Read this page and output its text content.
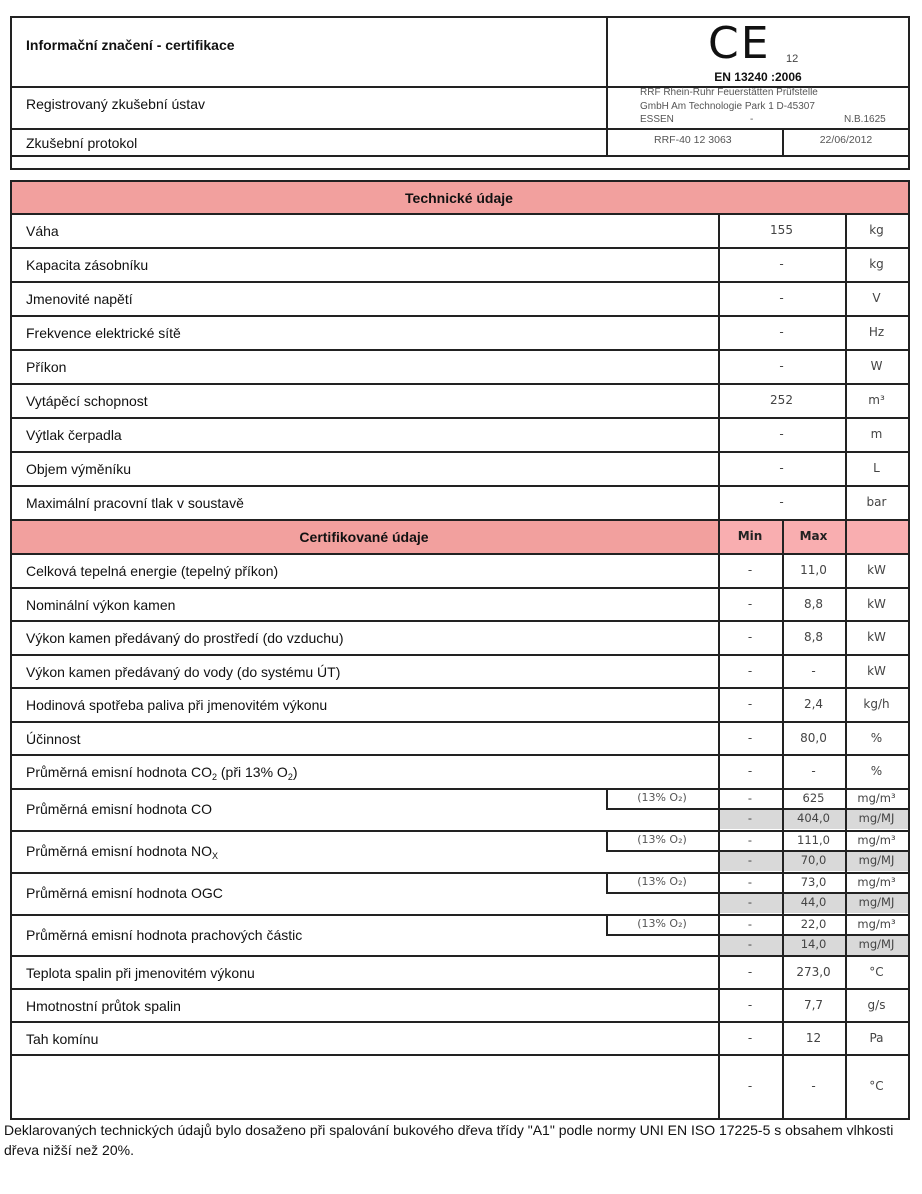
Informační značení - certifikace	CE 12
EN 13240 :2006
Registrovaný zkušební ústav
RRF Rhein-Ruhr Feuerstätten Prüfstelle
GmbH Am Technologie Park 1 D-45307
ESSEN	-	N.B.1625
Zkušební protokol	RRF-40 12 3063	22/06/2012
Technické údaje
Váha	155	kg
Kapacita zásobníku	-	kg
Jmenovité napětí	-	V
Frekvence elektrické sítě	-	Hz
Příkon	-	W
Vytápěcí schopnost	252	m³
Výtlak čerpadla	-	m
Objem výměníku	-	L
Maximální pracovní tlak v soustavě	-	bar
Certifikované údaje	Min	Max
Celková tepelná energie (tepelný příkon)	-	11,0	kW
Nominální výkon kamen	-	8,8	kW
Výkon kamen předávaný do prostředí (do vzduchu)	-	8,8	kW
Výkon kamen předávaný do vody (do systému ÚT)	-	-	kW
Hodinová spotřeba paliva při jmenovitém výkonu	-	2,4	kg/h
Účinnost	-	80,0	%
Průměrná emisní hodnota $CO_2$ (při 13% $O_2$)	-	-	%
Průměrná emisní hodnota CO
(13% O₂)	-	625	mg/m³
-	404,0	mg/MJ
Průměrná emisní hodnota $NO_X$
(13% O₂)	-	111,0	mg/m³
-	70,0	mg/MJ
Průměrná emisní hodnota OGC
(13% O₂)	-	73,0	mg/m³
-	44,0	mg/MJ
Průměrná emisní hodnota prachových částic
(13% O₂)	-	22,0	mg/m³
-	14,0	mg/MJ
Teplota spalin při jmenovitém výkonu	-	273,0	°C
Hmotnostní průtok spalin	-	7,7	g/s
Tah komínu	-	12	Pa
-	-	°C
Deklarovaných technických údajů bylo dosaženo při spalování bukového dřeva třídy "A1" podle normy UNI EN ISO 17225-5 s obsahem vlhkosti dřeva nižší než 20%.
